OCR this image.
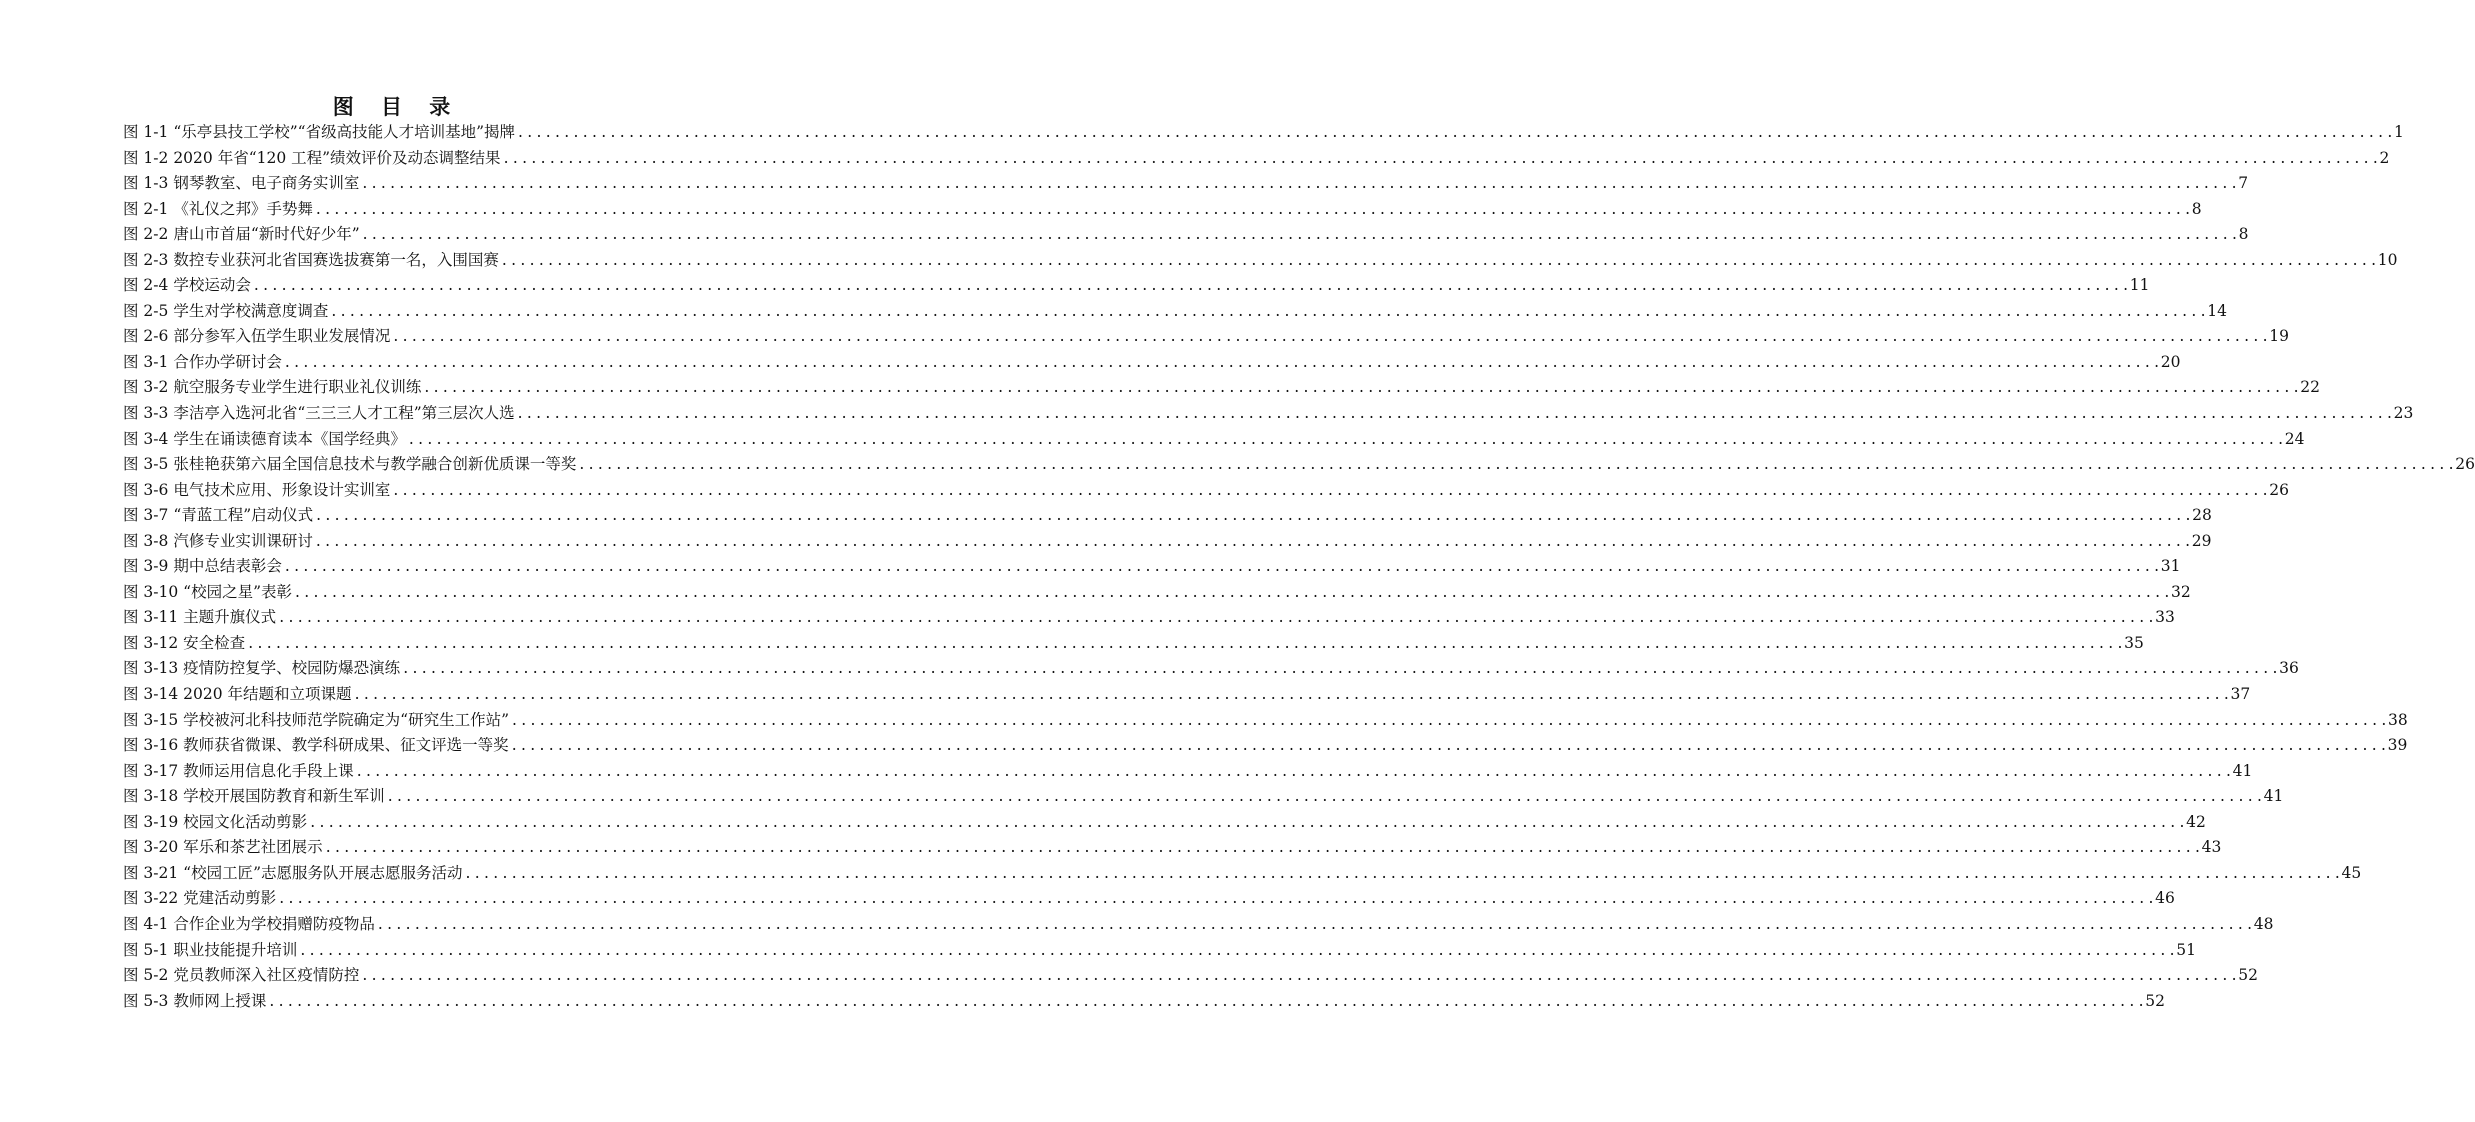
图 目 录
图 1-1 “乐亭县技工学校”“省级高技能人才培训基地”揭牌 . . .	1
图 1-2 2020 年省“120 工程”绩效评价及动态调整结果 . . .	2
图 1-3 钢琴教室、电子商务实训室 . . .	7
图 2-1 《礼仪之邦》手势舞 . . .	8
图 2-2 唐山市首届“新时代好少年” . . .	8
图 2-3 数控专业获河北省国赛选拔赛第一名，入围国赛 . . .	10
图 2-4 学校运动会 . . .	11
图 2-5 学生对学校满意度调查 . . .	14
图 2-6 部分参军入伍学生职业发展情况 . . .	19
图 3-1 合作办学研讨会 . . .	20
图 3-2 航空服务专业学生进行职业礼仪训练 . . .	22
图 3-3 李洁亭入选河北省“三三三人才工程”第三层次人选 . . .	23
图 3-4 学生在诵读德育读本《国学经典》 . . .	24
图 3-5 张桂艳获第六届全国信息技术与教学融合创新优质课一等奖 . . .	26
图 3-6 电气技术应用、形象设计实训室 . . .	26
图 3-7 “青蓝工程”启动仪式 . . .	28
图 3-8 汽修专业实训课研讨 . . .	29
图 3-9 期中总结表彰会 . . .	31
图 3-10 “校园之星”表彰 . . .	32
图 3-11 主题升旗仪式 . . .	33
图 3-12 安全检查 . . .	35
图 3-13 疫情防控复学、校园防爆恐演练 . . .	36
图 3-14 2020 年结题和立项课题 . . .	37
图 3-15 学校被河北科技师范学院确定为“研究生工作站” . . .	38
图 3-16 教师获省微课、教学科研成果、征文评选一等奖 . . .	39
图 3-17 教师运用信息化手段上课 . . .	41
图 3-18 学校开展国防教育和新生军训 . . .	41
图 3-19 校园文化活动剪影 . . .	42
图 3-20 军乐和茶艺社团展示 . . .	43
图 3-21 “校园工匠”志愿服务队开展志愿服务活动 . . .	45
图 3-22 党建活动剪影 . . .	46
图 4-1 合作企业为学校捐赠防疫物品 . . .	48
图 5-1 职业技能提升培训 . . .	51
图 5-2 党员教师深入社区疫情防控 . . .	52
图 5-3 教师网上授课 . . .	52
